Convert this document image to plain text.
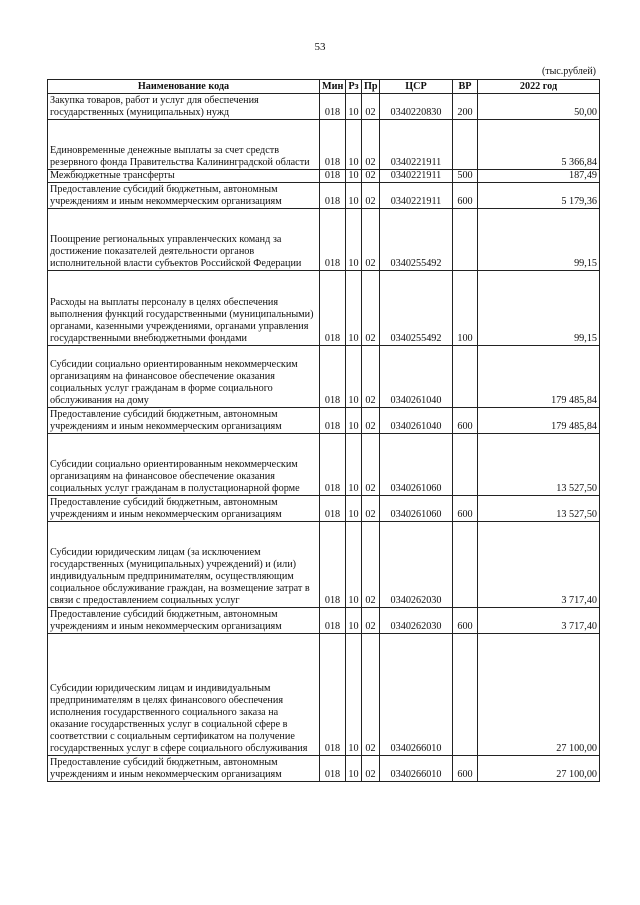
53
(тыс.рублей)
Наименование кода	Мин	Рз	Пр	ЦСР	ВР	2022 год
Закупка товаров, работ и услуг для обеспечения государственных (муниципальных) нужд	018	10	02	0340220830	200	50,00
Единовременные денежные выплаты за счет средств резервного фонда Правительства Калининградской области	018	10	02	0340221911		5 366,84
Межбюджетные трансферты	018	10	02	0340221911	500	187,49
Предоставление субсидий бюджетным, автономным учреждениям и иным некоммерческим организациям	018	10	02	0340221911	600	5 179,36
Поощрение региональных управленческих команд за достижение показателей деятельности органов исполнительной власти субъектов Российской Федерации	018	10	02	0340255492		99,15
Расходы на выплаты персоналу в целях обеспечения выполнения функций государственными (муниципальными) органами, казенными учреждениями, органами управления государственными внебюджетными фондами	018	10	02	0340255492	100	99,15
Субсидии социально ориентированным некоммерческим организациям на финансовое обеспечение оказания социальных услуг гражданам в форме социального обслуживания на дому	018	10	02	0340261040		179 485,84
Предоставление субсидий бюджетным, автономным учреждениям и иным некоммерческим организациям	018	10	02	0340261040	600	179 485,84
Субсидии социально ориентированным некоммерческим организациям на финансовое обеспечение оказания социальных услуг гражданам в полустационарной форме	018	10	02	0340261060		13 527,50
Предоставление субсидий бюджетным, автономным учреждениям и иным некоммерческим организациям	018	10	02	0340261060	600	13 527,50
Субсидии юридическим лицам (за исключением государственных (муниципальных) учреждений) и (или) индивидуальным предпринимателям, осуществляющим социальное обслуживание граждан, на возмещение затрат в связи с предоставлением социальных услуг	018	10	02	0340262030		3 717,40
Предоставление субсидий бюджетным, автономным учреждениям и иным некоммерческим организациям	018	10	02	0340262030	600	3 717,40
Субсидии юридическим лицам и индивидуальным предпринимателям в целях финансового обеспечения исполнения государственного социального заказа на оказание государственных услуг в социальной сфере в соответствии с социальным сертификатом на получение государственных услуг в сфере социального обслуживания	018	10	02	0340266010		27 100,00
Предоставление субсидий бюджетным, автономным учреждениям и иным некоммерческим организациям	018	10	02	0340266010	600	27 100,00
